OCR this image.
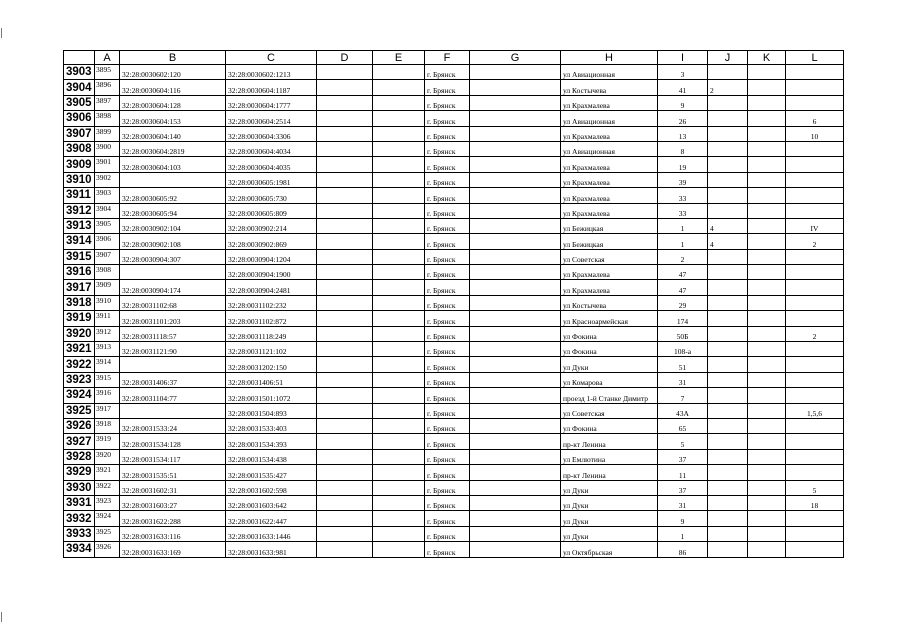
	A	B	C	D	E	F	G	H	I	J	K	L
3903	3895	32:28:0030602:120	32:28:0030602:1213			г. Брянск		ул Авиационная	3			
3904	3896	32:28:0030604:116	32:28:0030604:1187			г. Брянск		ул Костычева	41	2		
3905	3897	32:28:0030604:128	32:28:0030604:1777			г. Брянск		ул Крахмалева	9			
3906	3898	32:28:0030604:153	32:28:0030604:2514			г. Брянск		ул Авиационная	26			6
3907	3899	32:28:0030604:140	32:28:0030604:3306			г. Брянск		ул Крахмалева	13			10
3908	3900	32:28:0030604:2819	32:28:0030604:4034			г. Брянск		ул Авиационная	8			
3909	3901	32:28:0030604:103	32:28:0030604:4035			г. Брянск		ул Крахмалева	19			
3910	3902		32:28:0030605:1981			г. Брянск		ул Крахмалева	39			
3911	3903	32:28:0030605:92	32:28:0030605:730			г. Брянск		ул Крахмалева	33			
3912	3904	32:28:0030605:94	32:28:0030605:809			г. Брянск		ул Крахмалева	33			
3913	3905	32:28:0030902:104	32:28:0030902:214			г. Брянск		ул Бежицкая	1	4		IV
3914	3906	32:28:0030902:108	32:28:0030902:869			г. Брянск		ул Бежицкая	1	4		2
3915	3907	32:28:0030904:307	32:28:0030904:1204			г. Брянск		ул Советская	2			
3916	3908		32:28:0030904:1900			г. Брянск		ул Крахмалева	47			
3917	3909	32:28:0030904:174	32:28:0030904:2481			г. Брянск		ул Крахмалева	47			
3918	3910	32:28:0031102:68	32:28:0031102:232			г. Брянск		ул Костычева	29			
3919	3911	32:28:0031101:203	32:28:0031102:872			г. Брянск		ул Красноармейская	174			
3920	3912	32:28:0031118:57	32:28:0031118:249			г. Брянск		ул Фокина	50Б			2
3921	3913	32:28:0031121:90	32:28:0031121:102			г. Брянск		ул Фокина	108-а			
3922	3914		32:28:0031202:150			г. Брянск		ул Дуки	51			
3923	3915	32:28:0031406:37	32:28:0031406:51			г. Брянск		ул Комарова	31			
3924	3916	32:28:0031104:77	32:28:0031501:1072			г. Брянск		проезд 1-й Станке Димитр	7			
3925	3917		32:28:0031504:893			г. Брянск		ул Советская	43А			1,5,6
3926	3918	32:28:0031533:24	32:28:0031533:403			г. Брянск		ул Фокина	65			
3927	3919	32:28:0031534:128	32:28:0031534:393			г. Брянск		пр-кт Ленина	5			
3928	3920	32:28:0031534:117	32:28:0031534:438			г. Брянск		ул Емлютина	37			
3929	3921	32:28:0031535:51	32:28:0031535:427			г. Брянск		пр-кт Ленина	11			
3930	3922	32:28:0031602:31	32:28:0031602:598			г. Брянск		ул Дуки	37			5
3931	3923	32:28:0031603:27	32:28:0031603:642			г. Брянск		ул Дуки	31			18
3932	3924	32:28:0031622:288	32:28:0031622:447			г. Брянск		ул Дуки	9			
3933	3925	32:28:0031633:116	32:28:0031633:1446			г. Брянск		ул Дуки	1			
3934	3926	32:28:0031633:169	32:28:0031633:981			г. Брянск		ул Октябрьская	86			
